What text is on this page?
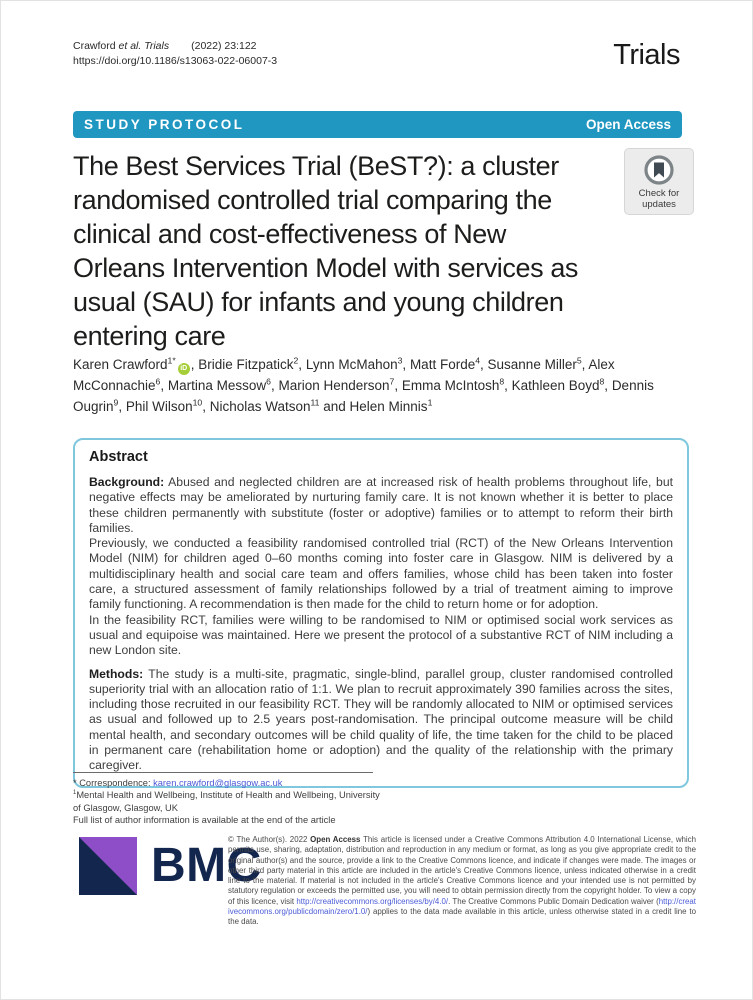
Crawford et al. Trials (2022) 23:122
https://doi.org/10.1186/s13063-022-06007-3	Trials
STUDY PROTOCOL	Open Access
The Best Services Trial (BeST?): a cluster
randomised controlled trial comparing the
clinical and cost-effectiveness of New
Orleans Intervention Model with services as
usual (SAU) for infants and young children
entering care
Check for
updates
Karen Crawford$^{1*}$iD , Bridie Fitzpatick$^2$, Lynn McMahon$^3$, Matt Forde$^4$, Susanne Miller$^5$, Alex McConnachie$^6$, Martina Messow$^6$, Marion Henderson$^7$, Emma McIntosh$^8$, Kathleen Boyd$^8$, Dennis Ougrin$^9$, Phil Wilson$^{10}$, Nicholas Watson$^{11}$ and Helen Minnis$^1$
Abstract

Background: Abused and neglected children are at increased risk of health problems throughout life, but negative effects may be ameliorated by nurturing family care. It is not known whether it is better to place these children permanently with substitute (foster or adoptive) families or to attempt to reform their birth families.
Previously, we conducted a feasibility randomised controlled trial (RCT) of the New Orleans Intervention Model (NIM) for children aged 0–60 months coming into foster care in Glasgow. NIM is delivered by a multidisciplinary health and social care team and offers families, whose child has been taken into foster care, a structured assessment of family relationships followed by a trial of treatment aiming to improve family functioning. A recommendation is then made for the child to return home or for adoption.
In the feasibility RCT, families were willing to be randomised to NIM or optimised social work services as usual and equipoise was maintained. Here we present the protocol of a substantive RCT of NIM including a new London site.

Methods: The study is a multi-site, pragmatic, single-blind, parallel group, cluster randomised controlled superiority trial with an allocation ratio of 1:1. We plan to recruit approximately 390 families across the sites, including those recruited in our feasibility RCT. They will be randomly allocated to NIM or optimised services as usual and followed up to 2.5 years post-randomisation. The principal outcome measure will be child mental health, and secondary outcomes will be child quality of life, the time taken for the child to be placed in permanent care (rehabilitation home or adoption) and the quality of the relationship with the primary caregiver.

* Correspondence: karen.crawford@glasgow.ac.uk
$^1$Mental Health and Wellbeing, Institute of Health and Wellbeing, University of Glasgow, Glasgow, UK
Full list of author information is available at the end of the article
BMC
© The Author(s). 2022 Open Access This article is licensed under a Creative Commons Attribution 4.0 International License, which permits use, sharing, adaptation, distribution and reproduction in any medium or format, as long as you give appropriate credit to the original author(s) and the source, provide a link to the Creative Commons licence, and indicate if changes were made. The images or other third party material in this article are included in the article's Creative Commons licence, unless indicated otherwise in a credit line to the material. If material is not included in the article's Creative Commons licence and your intended use is not permitted by statutory regulation or exceeds the permitted use, you will need to obtain permission directly from the copyright holder. To view a copy of this licence, visit http://creativecommons.org/licenses/by/4.0/. The Creative Commons Public Domain Dedication waiver (http://creativecommons.org/publicdomain/zero/1.0/) applies to the data made available in this article, unless otherwise stated in a credit line to the data.
